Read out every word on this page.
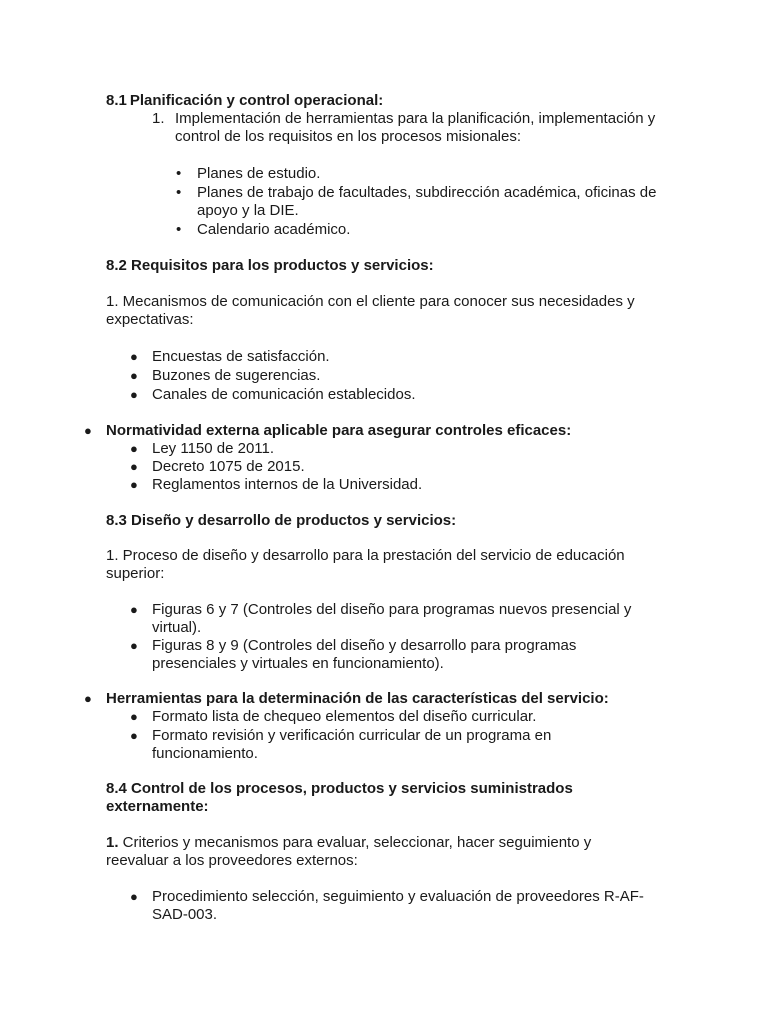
8.1 Planificación y control operacional:
1. Implementación de herramientas para la planificación, implementación y
control de los requisitos en los procesos misionales:
• Planes de estudio.
• Planes de trabajo de facultades, subdirección académica, oficinas de
apoyo y la DIE.
• Calendario académico.
8.2 Requisitos para los productos y servicios:
1. Mecanismos de comunicación con el cliente para conocer sus necesidades y
expectativas:
● Encuestas de satisfacción.
● Buzones de sugerencias.
● Canales de comunicación establecidos.
● Normatividad externa aplicable para asegurar controles eficaces:
● Ley 1150 de 2011.
● Decreto 1075 de 2015.
● Reglamentos internos de la Universidad.
8.3 Diseño y desarrollo de productos y servicios:
1. Proceso de diseño y desarrollo para la prestación del servicio de educación
superior:
● Figuras 6 y 7 (Controles del diseño para programas nuevos presencial y
virtual).
● Figuras 8 y 9 (Controles del diseño y desarrollo para programas
presenciales y virtuales en funcionamiento).
● Herramientas para la determinación de las características del servicio:
● Formato lista de chequeo elementos del diseño curricular.
● Formato revisión y verificación curricular de un programa en
funcionamiento.
8.4 Control de los procesos, productos y servicios suministrados
externamente:
1. Criterios y mecanismos para evaluar, seleccionar, hacer seguimiento y
reevaluar a los proveedores externos:
● Procedimiento selección, seguimiento y evaluación de proveedores R-AF-
SAD-003.
